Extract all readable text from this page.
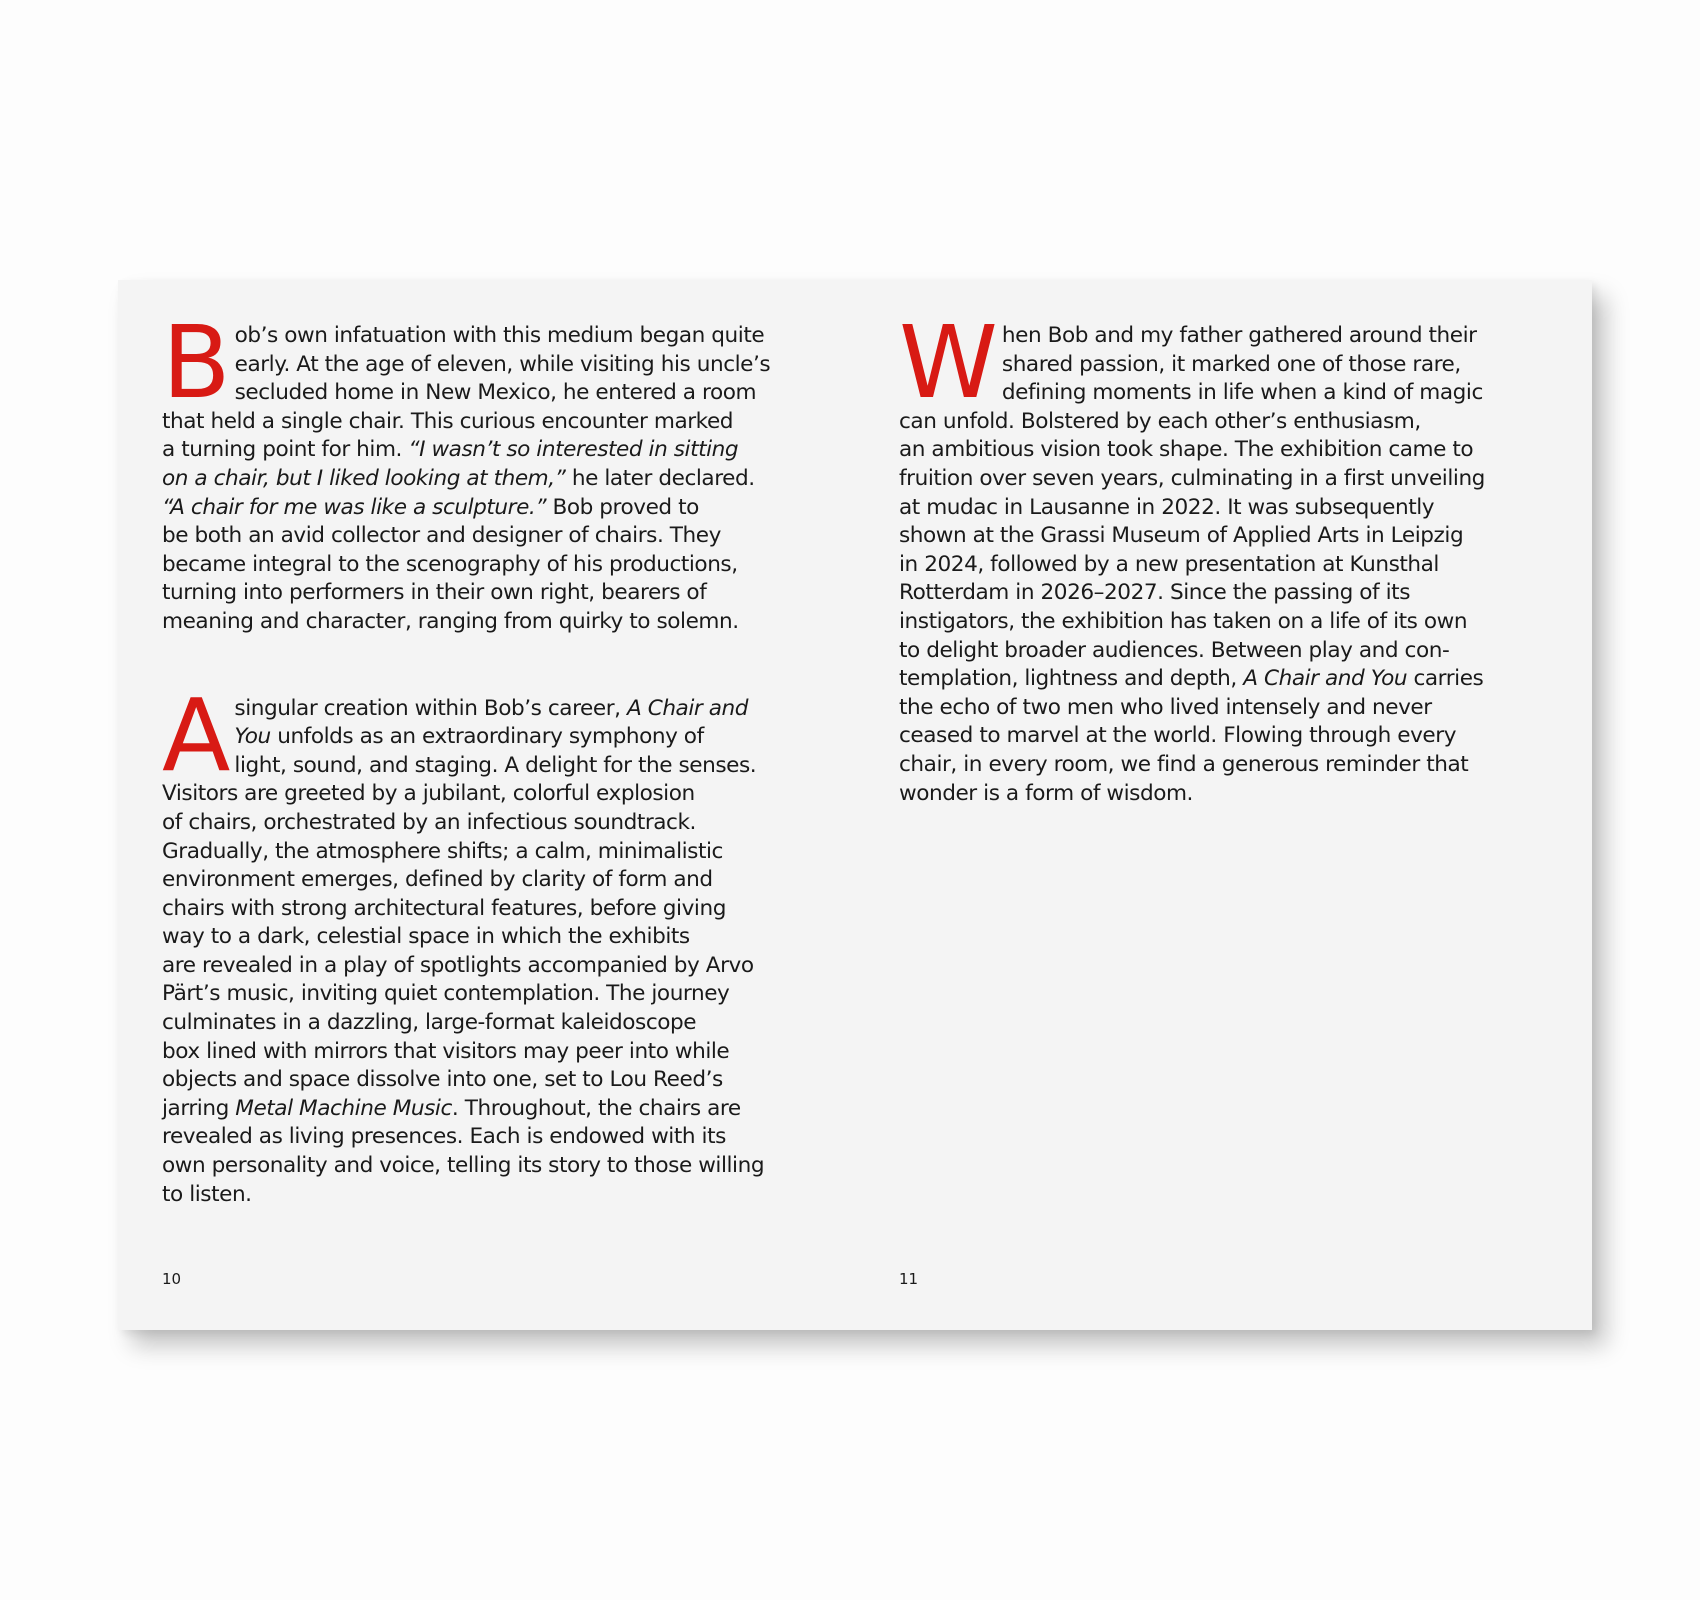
B ob’s own infatuation with this medium began quite
early. At the age of eleven, while visiting his uncle’s
secluded home in New Mexico, he entered a room
that held a single chair. This curious encounter marked
a turning point for him. “I wasn’t so interested in sitting
on a chair, but I liked looking at them,” he later declared.
“A chair for me was like a sculpture.” Bob proved to
be both an avid collector and designer of chairs. They
became integral to the scenography of his productions,
turning into performers in their own right, bearers of
meaning and character, ranging from quirky to solemn.

A singular creation within Bob’s career, A Chair and
You unfolds as an extraordinary symphony of
light, sound, and staging. A delight for the senses.
Visitors are greeted by a jubilant, colorful explosion
of chairs, orchestrated by an infectious soundtrack.
Gradually, the atmosphere shifts; a calm, minimalistic
environment emerges, defined by clarity of form and
chairs with strong architectural features, before giving
way to a dark, celestial space in which the exhibits
are revealed in a play of spotlights accompanied by Arvo
Pärt’s music, inviting quiet contemplation. The journey
culminates in a dazzling, large-format kaleidoscope
box lined with mirrors that visitors may peer into while
objects and space dissolve into one, set to Lou Reed’s
jarring Metal Machine Music. Throughout, the chairs are
revealed as living presences. Each is endowed with its
own personality and voice, telling its story to those willing
to listen.

10

W hen Bob and my father gathered around their
shared passion, it marked one of those rare,
defining moments in life when a kind of magic
can unfold. Bolstered by each other’s enthusiasm,
an ambitious vision took shape. The exhibition came to
fruition over seven years, culminating in a first unveiling
at mudac in Lausanne in 2022. It was subsequently
shown at the Grassi Museum of Applied Arts in Leipzig
in 2024, followed by a new presentation at Kunsthal
Rotterdam in 2026–2027. Since the passing of its
instigators, the exhibition has taken on a life of its own
to delight broader audiences. Between play and con-
templation, lightness and depth, A Chair and You carries
the echo of two men who lived intensely and never
ceased to marvel at the world. Flowing through every
chair, in every room, we find a generous reminder that
wonder is a form of wisdom.

11
